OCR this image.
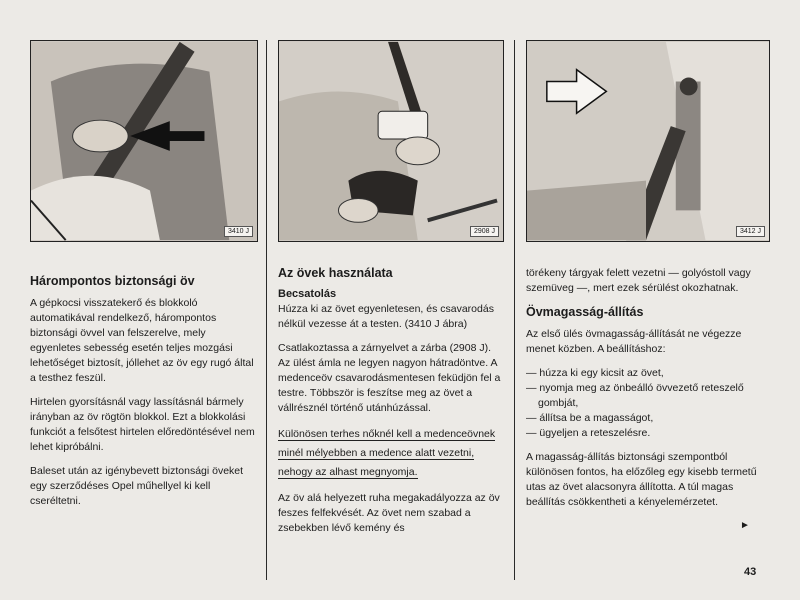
3410 J
Hárompontos biztonsági öv

A gépkocsi visszatekerő és blokkoló automatikával rendelkező, hárompontos biztonsági övvel van felszerelve, mely egyenletes sebesség esetén teljes mozgási lehetőséget biztosít, jóllehet az öv egy rugó által a testhez feszül.

Hirtelen gyorsításnál vagy lassításnál bármely irányban az öv rögtön blokkol. Ezt a blokkolási funkciót a felsőtest hirtelen előredöntésével nem lehet kipróbálni.

Baleset után az igénybevett biztonsági öveket egy szerződéses Opel műhellyel ki kell cseréltetni.

2908 J
Az övek használata
Becsatolás

Húzza ki az övet egyenletesen, és csavarodás nélkül vezesse át a testen. (3410 J ábra)

Csatlakoztassa a zárnyelvet a zárba (2908 J). Az ülést ámla ne legyen nagyon hátradöntve. A medenceöv csavarodásmentesen feküdjön fel a testre. Többször is feszítse meg az övet a vállrésznél történő utánhúzással.

Különösen terhes nőknél kell a medenceövnek minél mélyebben a medence alatt vezetni, nehogy az alhast megnyomja.

Az öv alá helyezett ruha megakadályozza az öv feszes felfekvését. Az övet nem szabad a zsebekben lévő kemény és

3412 J

törékeny tárgyak felett vezetni — golyóstoll vagy szemüveg —, mert ezek sérülést okozhatnak.

Övmagasság-állítás

Az első ülés övmagasság-állítását ne végezze menet közben. A beállításhoz:

— húzza ki egy kicsit az övet,
— nyomja meg az önbeálló övvezető reteszelő gombját,
— állítsa be a magasságot,
— ügyeljen a reteszelésre.

A magasság-állítás biztonsági szempontból különösen fontos, ha előzőleg egy kisebb termetű utas az övet alacsonyra állította. A túl magas beállítás csökkentheti a kényelemérzetet.

►
43
